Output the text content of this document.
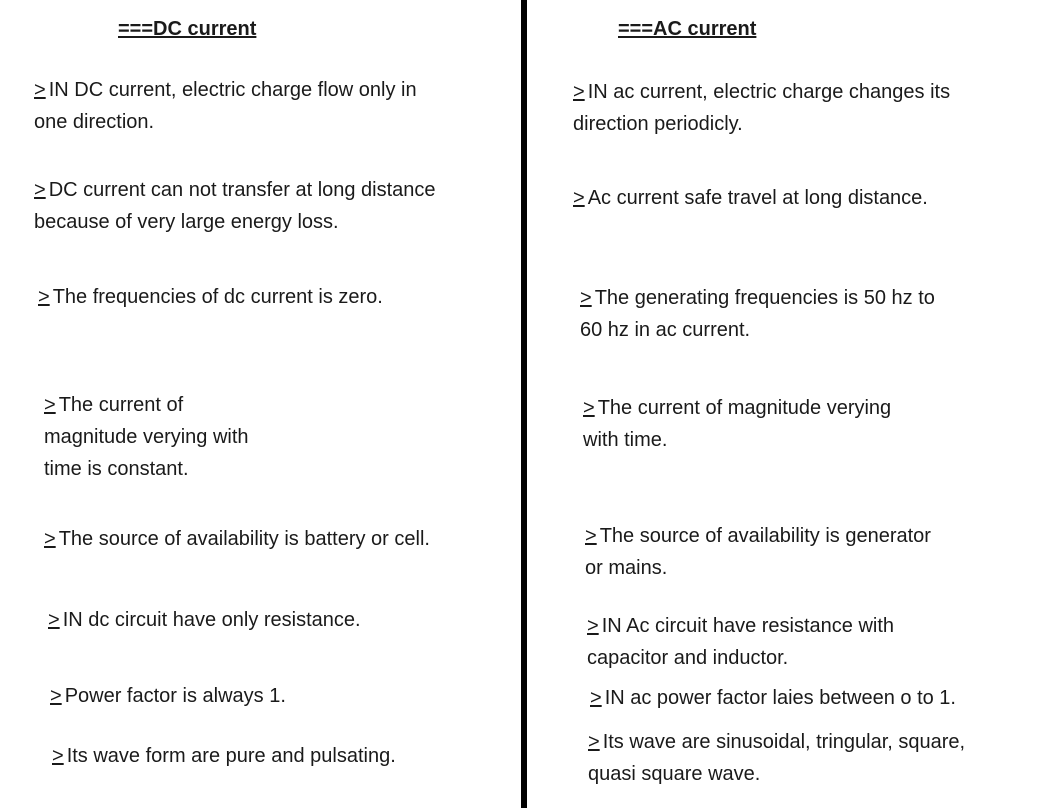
===DC current	===AC current
> IN DC current, electric charge flow only in
one direction.
> DC current can not transfer at long distance
because of very large energy loss.
> The frequencies of dc current is zero.
> The current of
magnitude verying with
time is constant.
> The source of availability is battery or cell.
> IN dc circuit have only resistance.
> Power factor is always 1.
> Its wave form are pure and pulsating.
> IN ac current, electric charge changes its
direction periodicly.
> Ac current safe travel at long distance.
> The generating frequencies is 50 hz to
60 hz in ac current.
> The current of magnitude verying
with time.
> The source of availability is generator
or mains.
> IN Ac circuit have resistance with
capacitor and inductor.
> IN ac power factor laies between o to 1.
> Its wave are sinusoidal, tringular, square,
quasi square wave.
